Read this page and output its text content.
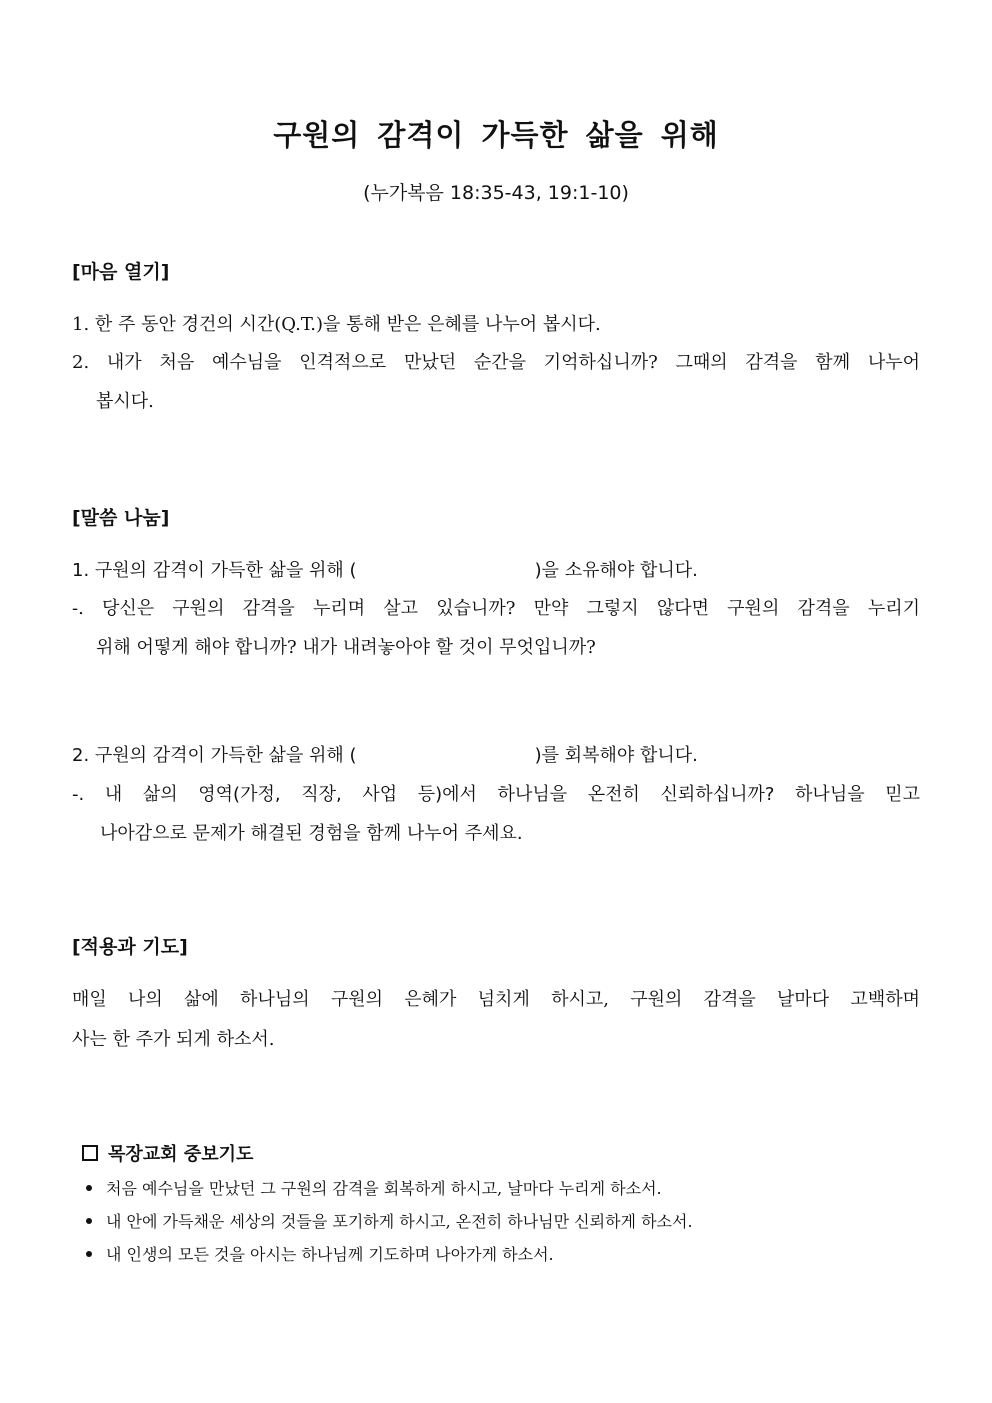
구원의 감격이 가득한 삶을 위해
(누가복음 18:35-43, 19:1-10)
[마음 열기]
1. 한 주 동안 경건의 시간(Q.T.)을 통해 받은 은혜를 나누어 봅시다.
2. 내가 처음 예수님을 인격적으로 만났던 순간을 기억하십니까? 그때의 감격을 함께 나누어
봅시다.
[말씀 나눔]
1. 구원의 감격이 가득한 삶을 위해 (	)을 소유해야 합니다.
-. 당신은 구원의 감격을 누리며 살고 있습니까? 만약 그렇지 않다면 구원의 감격을 누리기
위해 어떻게 해야 합니까? 내가 내려놓아야 할 것이 무엇입니까?
2. 구원의 감격이 가득한 삶을 위해 (	)를 회복해야 합니다.
-. 내 삶의 영역(가정, 직장, 사업 등)에서 하나님을 온전히 신뢰하십니까? 하나님을 믿고
나아감으로 문제가 해결된 경험을 함께 나누어 주세요.
[적용과 기도]
매일 나의 삶에 하나님의 구원의 은혜가 넘치게 하시고, 구원의 감격을 날마다 고백하며
사는 한 주가 되게 하소서.
목장교회 중보기도
처음 예수님을 만났던 그 구원의 감격을 회복하게 하시고, 날마다 누리게 하소서.
내 안에 가득채운 세상의 것들을 포기하게 하시고, 온전히 하나님만 신뢰하게 하소서.
내 인생의 모든 것을 아시는 하나님께 기도하며 나아가게 하소서.
